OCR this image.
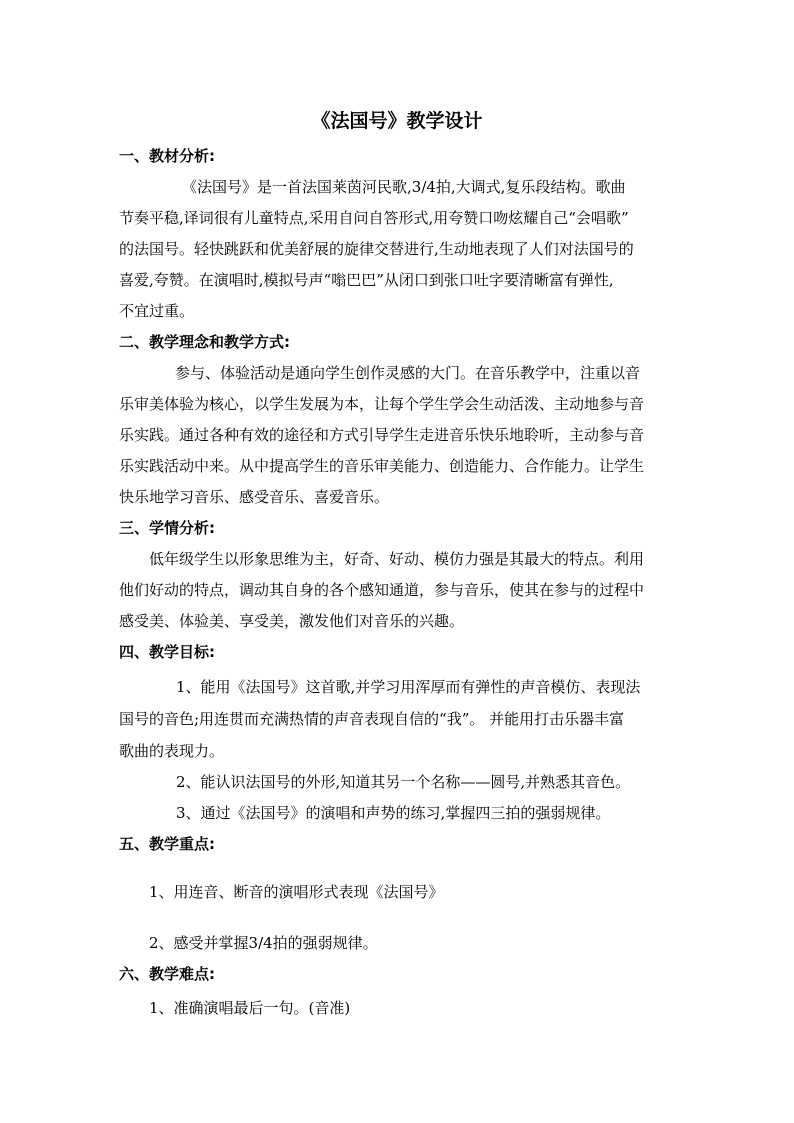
《法国号》教学设计
一、教材分析:
《法国号》是一首法国莱茵河民歌,3/4拍,大调式,复乐段结构。歌曲
节奏平稳,译词很有儿童特点,采用自问自答形式,用夸赞口吻炫耀自己“会唱歌”
的法国号。轻快跳跃和优美舒展的旋律交替进行,生动地表现了人们对法国号的
喜爱,夸赞。在演唱时,模拟号声“嗡巴巴”从闭口到张口吐字要清晰富有弹性,
不宜过重。
二、教学理念和教学方式:
参与、体验活动是通向学生创作灵感的大门。在音乐教学中，注重以音
乐审美体验为核心，以学生发展为本，让每个学生学会生动活泼、主动地参与音
乐实践。通过各种有效的途径和方式引导学生走进音乐快乐地聆听，主动参与音
乐实践活动中来。从中提高学生的音乐审美能力、创造能力、合作能力。让学生
快乐地学习音乐、感受音乐、喜爱音乐。
三、学情分析:
低年级学生以形象思维为主，好奇、好动、模仿力强是其最大的特点。利用
他们好动的特点，调动其自身的各个感知通道，参与音乐，使其在参与的过程中
感受美、体验美、享受美，激发他们对音乐的兴趣。
四、教学目标:
1、能用《法国号》这首歌,并学习用浑厚而有弹性的声音模仿、表现法
国号的音色;用连贯而充满热情的声音表现自信的“我”。 并能用打击乐器丰富
歌曲的表现力。
2、能认识法国号的外形,知道其另一个名称——圆号,并熟悉其音色。
3、通过《法国号》的演唱和声势的练习,掌握四三拍的强弱规律。
五、教学重点:
1、用连音、断音的演唱形式表现《法国号》
2、感受并掌握3/4拍的强弱规律。
六、教学难点:
1、准确演唱最后一句。(音准)
